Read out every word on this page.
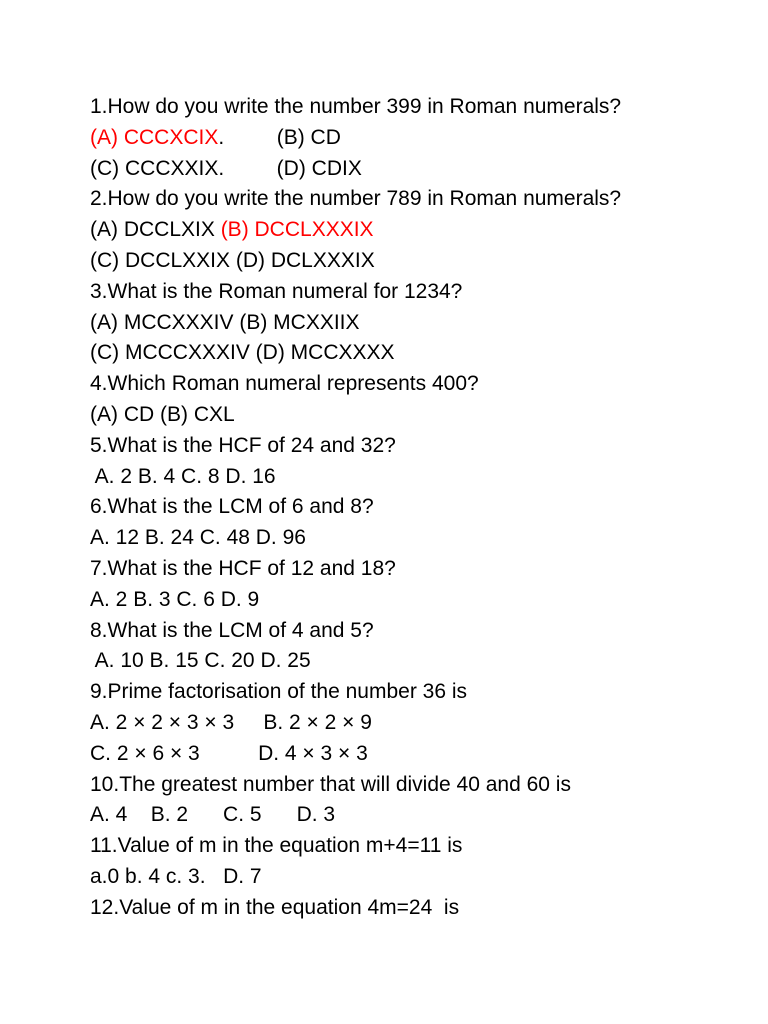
1.How do you write the number 399 in Roman numerals?
(A) CCCXCIX.         (B) CD
(C) CCCXXIX.         (D) CDIX
2.How do you write the number 789 in Roman numerals?
(A) DCCLXIX (B) DCCLXXXIX
(C) DCCLXXIX (D) DCLXXXIX
3.What is the Roman numeral for 1234?
(A) MCCXXXIV (B) MCXXIIX
(C) MCCCXXXIV (D) MCCXXXX
4.Which Roman numeral represents 400?
(A) CD (B) CXL
5.What is the HCF of 24 and 32?
A. 2 B. 4 C. 8 D. 16
6.What is the LCM of 6 and 8?
A. 12 B. 24 C. 48 D. 96
7.What is the HCF of 12 and 18?
A. 2 B. 3 C. 6 D. 9
8.What is the LCM of 4 and 5?
A. 10 B. 15 C. 20 D. 25
9.Prime factorisation of the number 36 is
A. 2 × 2 × 3 × 3     B. 2 × 2 × 9
C. 2 × 6 × 3          D. 4 × 3 × 3
10.The greatest number that will divide 40 and 60 is
A. 4    B. 2      C. 5      D. 3
11.Value of m in the equation m+4=11 is
a.0 b. 4 c. 3.   D. 7
12.Value of m in the equation 4m=24  is
